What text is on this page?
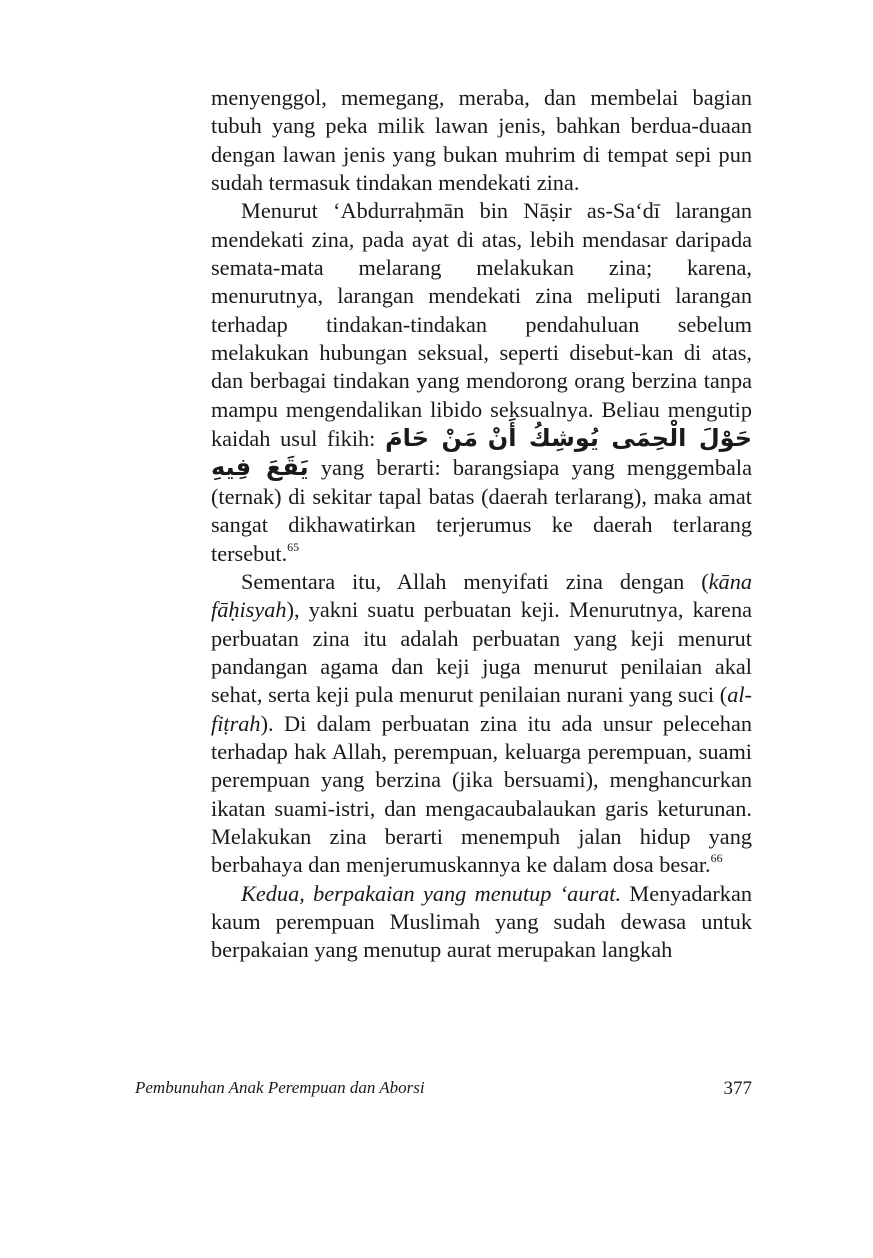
menyenggol, memegang, meraba, dan membelai bagian tubuh yang peka milik lawan jenis, bahkan berdua-duaan dengan lawan jenis yang bukan muhrim di tempat sepi pun sudah termasuk tindakan mendekati zina.

Menurut ‘Abdurraḥmān bin Nāṣir as-Sa‘dī larangan mendekati zina, pada ayat di atas, lebih mendasar daripada semata-mata melarang melakukan zina; karena, menurutnya, larangan mendekati zina meliputi larangan terhadap tindakan-tindakan pendahuluan sebelum melakukan hubungan seksual, seperti disebut-kan di atas, dan berbagai tindakan yang mendorong orang berzina tanpa mampu mengendalikan libido seksualnya. Beliau mengutip kaidah usul fikih: ﻣَﻦْ ﺣَﺎﻡَ ﺣَﻮْﻝَ ﺍﻟْﺤِﻤَﻰ ﻳُﻮﺷِﻚُ ﺃَﻥْ ﻳَﻘَﻊَ ﻓِﻴﻪِ yang berarti: barangsiapa yang menggembala (ternak) di sekitar tapal batas (daerah terlarang), maka amat sangat dikhawatirkan terjerumus ke daerah terlarang tersebut.$^{65}$

Sementara itu, Allah menyifati zina dengan (kāna fāḥisyah), yakni suatu perbuatan keji. Menurutnya, karena perbuatan zina itu adalah perbuatan yang keji menurut pandangan agama dan keji juga menurut penilaian akal sehat, serta keji pula menurut penilaian nurani yang suci (al-fiṭrah). Di dalam perbuatan zina itu ada unsur pelecehan terhadap hak Allah, perempuan, keluarga perempuan, suami perempuan yang berzina (jika bersuami), menghancurkan ikatan suami-istri, dan mengacaubalaukan garis keturunan. Melakukan zina berarti menempuh jalan hidup yang berbahaya dan menjerumuskannya ke dalam dosa besar.$^{66}$

Kedua, berpakaian yang menutup ‘aurat. Menyadarkan kaum perempuan Muslimah yang sudah dewasa untuk berpakaian yang menutup aurat merupakan langkah

Pembunuhan Anak Perempuan dan Aborsi	377
